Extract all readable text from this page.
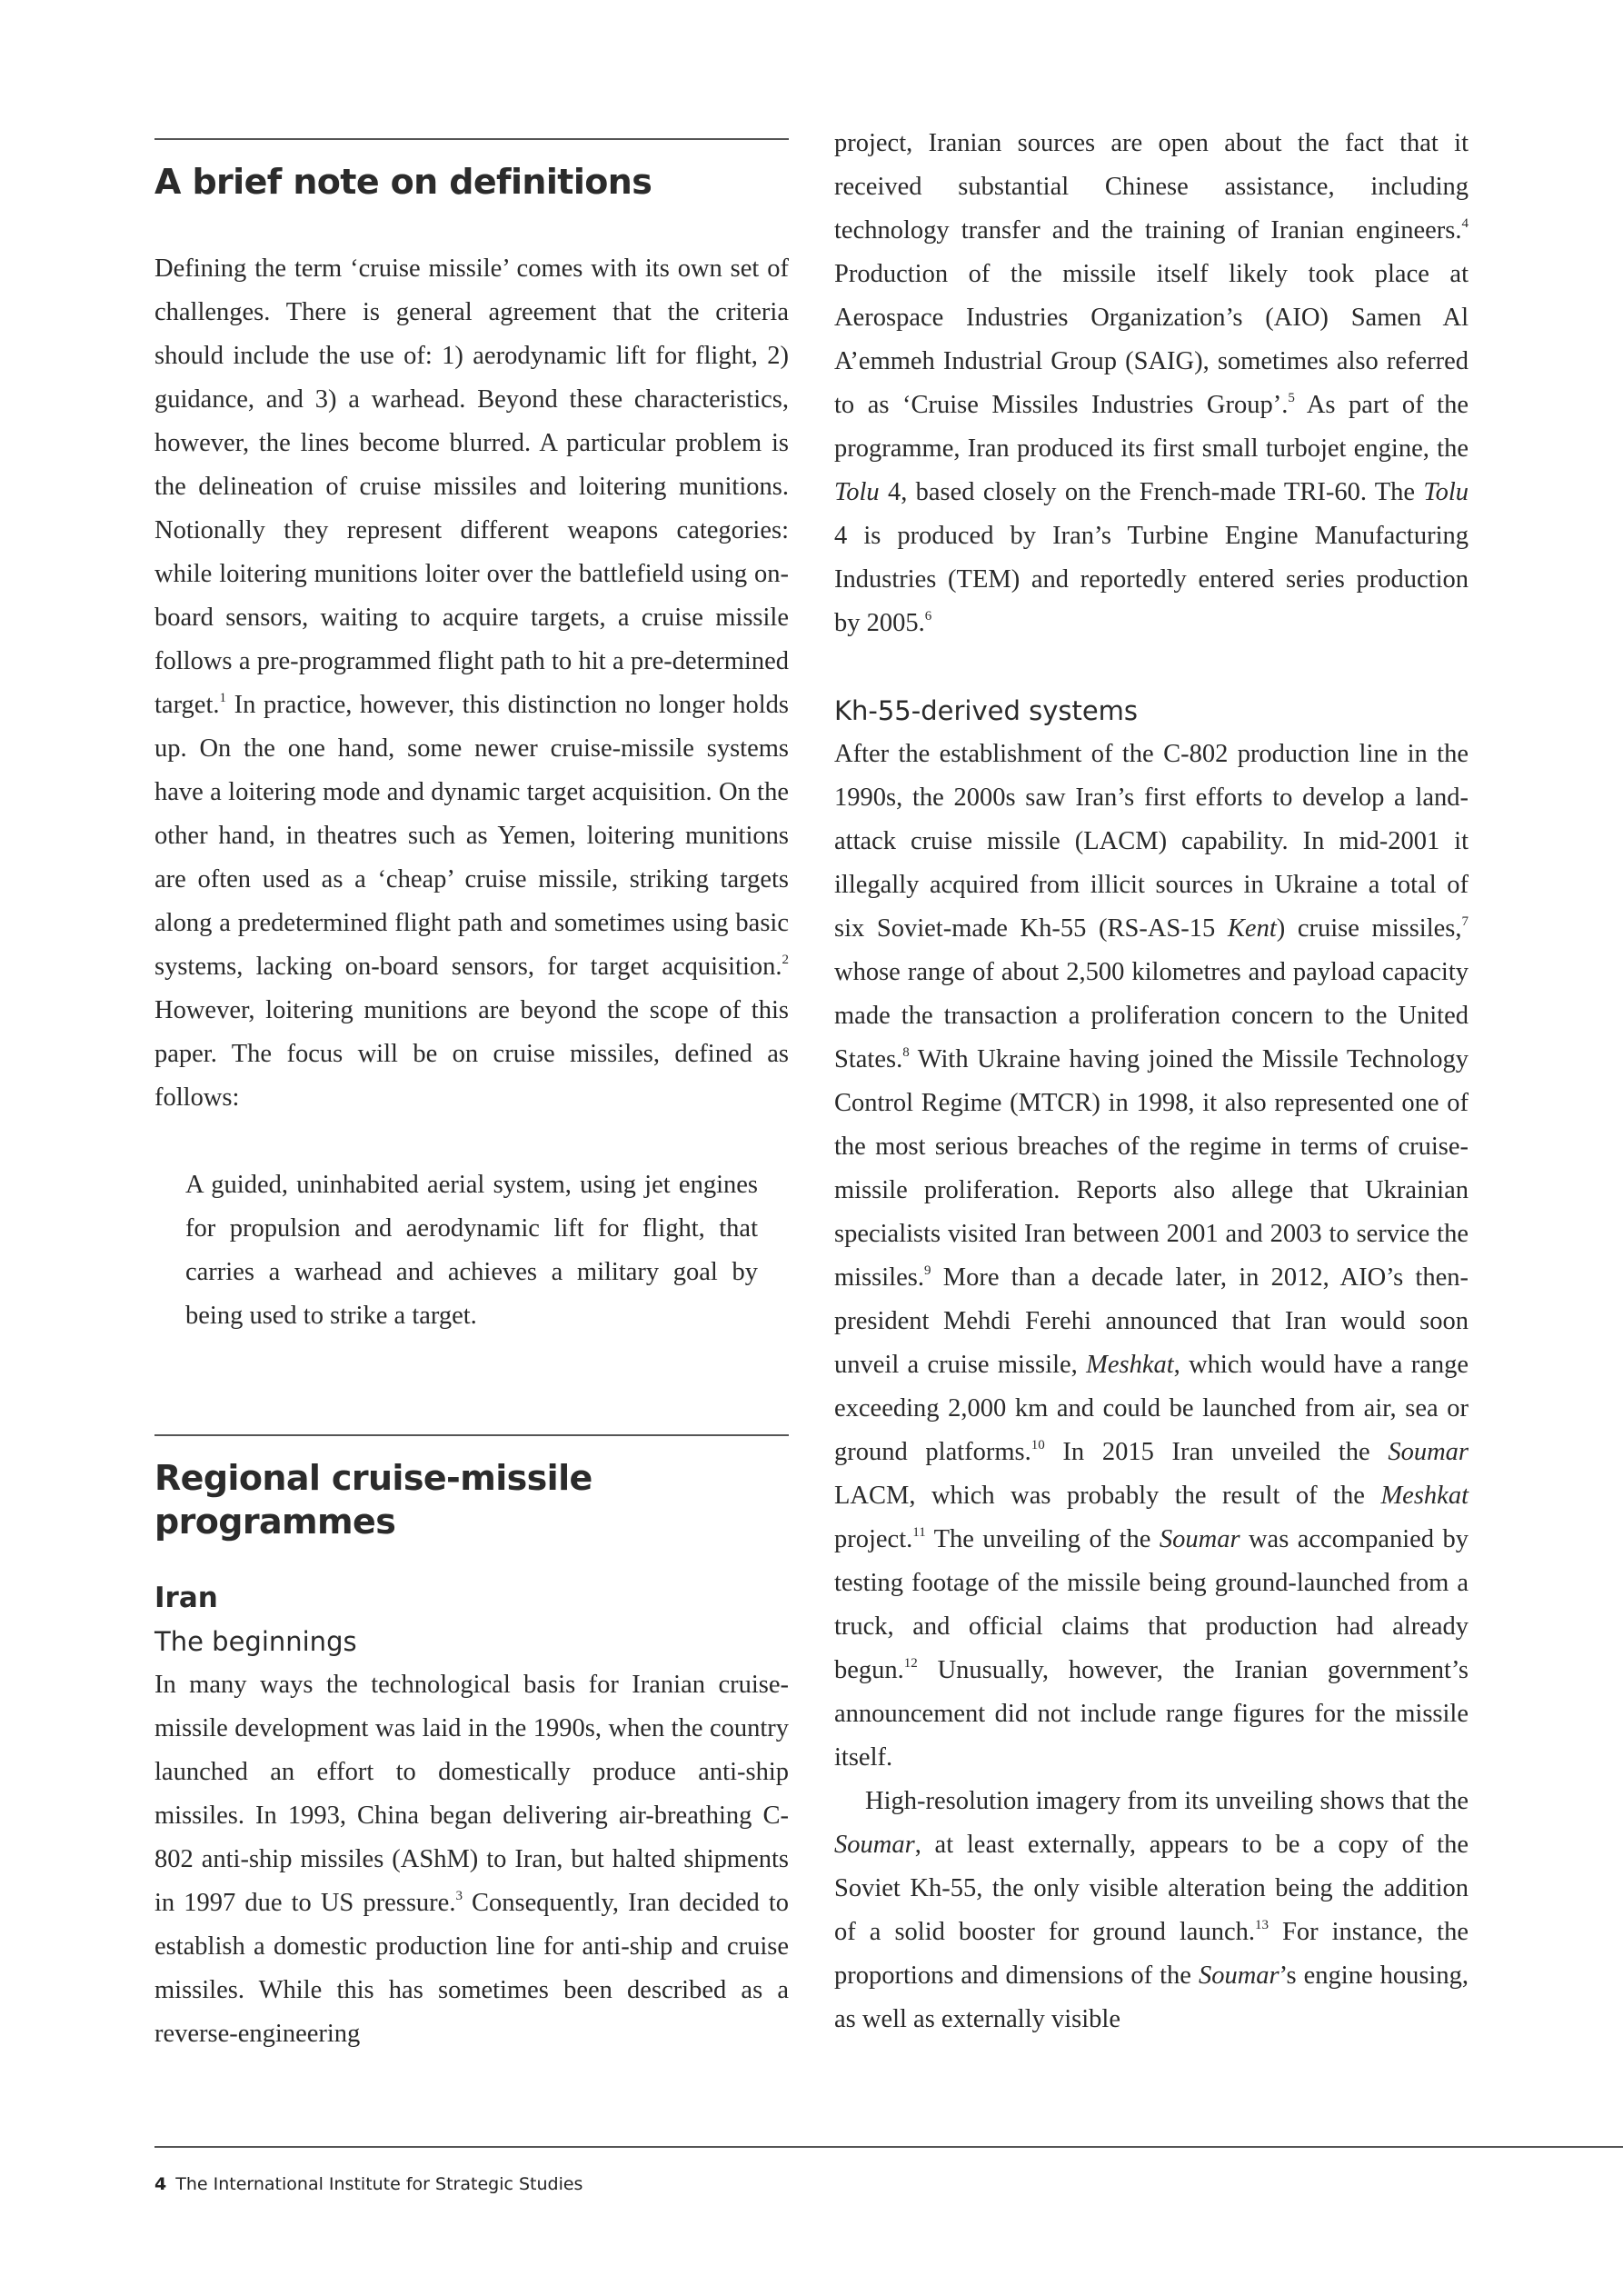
A brief note on definitions

Defining the term ‘cruise missile’ comes with its own set of challenges. There is general agreement that the criteria should include the use of: 1) aerodynamic lift for flight, 2) guidance, and 3) a warhead. Beyond these characteristics, however, the lines become blurred. A particular problem is the delineation of cruise missiles and loitering munitions. Notionally they represent different weapons categories: while loitering munitions loiter over the battlefield using on-board sensors, waiting to acquire targets, a cruise missile follows a pre-programmed flight path to hit a pre-determined target.$^1$ In practice, however, this distinction no longer holds up. On the one hand, some newer cruise-missile systems have a loitering mode and dynamic target acquisition. On the other hand, in theatres such as Yemen, loitering munitions are often used as a ‘cheap’ cruise missile, striking targets along a predetermined flight path and sometimes using basic systems, lacking on-board sensors, for target acquisition.$^2$ However, loitering munitions are beyond the scope of this paper. The focus will be on cruise missiles, defined as follows:

A guided, uninhabited aerial system, using jet engines for propulsion and aerodynamic lift for flight, that carries a warhead and achieves a military goal by being used to strike a target.

Regional cruise-missile programmes
Iran
The beginnings

In many ways the technological basis for Iranian cruise-missile development was laid in the 1990s, when the country launched an effort to domestically produce anti-ship missiles. In 1993, China began delivering air-breathing C-802 anti-ship missiles (AShM) to Iran, but halted shipments in 1997 due to US pressure.$^3$ Consequently, Iran decided to establish a domestic production line for anti-ship and cruise missiles. While this has sometimes been described as a reverse-engineering

project, Iranian sources are open about the fact that it received substantial Chinese assistance, including technology transfer and the training of Iranian engineers.$^4$ Production of the missile itself likely took place at Aerospace Industries Organization’s (AIO) Samen Al A’emmeh Industrial Group (SAIG), sometimes also referred to as ‘Cruise Missiles Industries Group’.$^5$ As part of the programme, Iran produced its first small turbojet engine, the Tolu 4, based closely on the French-made TRI-60. The Tolu 4 is produced by Iran’s Turbine Engine Manufacturing Industries (TEM) and reportedly entered series production by 2005.$^6$

Kh-55-derived systems

After the establishment of the C-802 production line in the 1990s, the 2000s saw Iran’s first efforts to develop a land-attack cruise missile (LACM) capability. In mid-2001 it illegally acquired from illicit sources in Ukraine a total of six Soviet-made Kh-55 (RS-AS-15 Kent) cruise missiles,$^7$ whose range of about 2,500 kilometres and payload capacity made the transaction a proliferation concern to the United States.$^8$ With Ukraine having joined the Missile Technology Control Regime (MTCR) in 1998, it also represented one of the most serious breaches of the regime in terms of cruise-missile proliferation. Reports also allege that Ukrainian specialists visited Iran between 2001 and 2003 to service the missiles.$^9$ More than a decade later, in 2012, AIO’s then-president Mehdi Ferehi announced that Iran would soon unveil a cruise missile, Meshkat, which would have a range exceeding 2,000 km and could be launched from air, sea or ground platforms.$^{10}$ In 2015 Iran unveiled the Soumar LACM, which was probably the result of the Meshkat project.$^{11}$ The unveiling of the Soumar was accompanied by testing footage of the missile being ground-launched from a truck, and official claims that production had already begun.$^{12}$ Unusually, however, the Iranian government’s announcement did not include range figures for the missile itself.

High-resolution imagery from its unveiling shows that the Soumar, at least externally, appears to be a copy of the Soviet Kh-55, the only visible alteration being the addition of a solid booster for ground launch.$^{13}$ For instance, the proportions and dimensions of the Soumar’s engine housing, as well as externally visible

4 The International Institute for Strategic Studies
